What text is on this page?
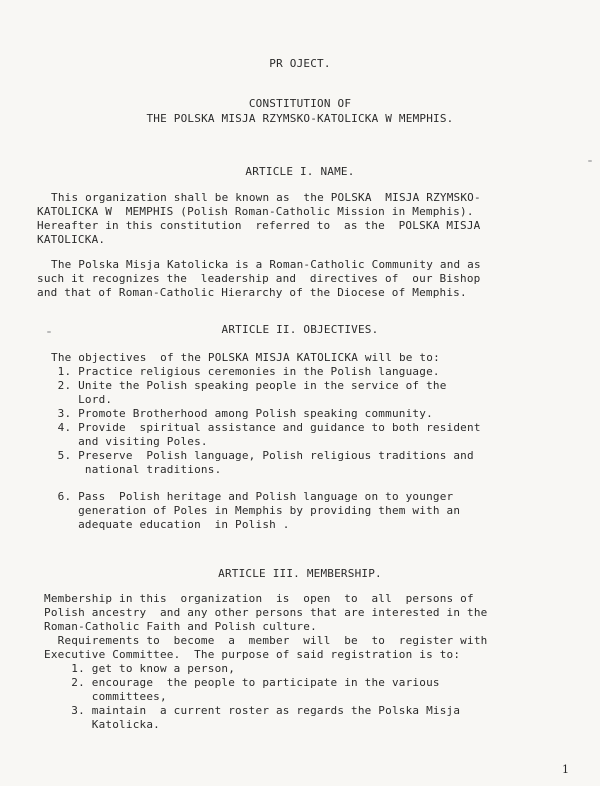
PR OJECT.
CONSTITUTION OF
THE POLSKA MISJA RZYMSKO-KATOLICKA W MEMPHIS.
ARTICLE I. NAME.
This organization shall be known as  the POLSKA  MISJA RZYMSKO-
KATOLICKA W  MEMPHIS (Polish Roman-Catholic Mission in Memphis).
Hereafter in this constitution  referred to  as the  POLSKA MISJA
KATOLICKA.
The Polska Misja Katolicka is a Roman-Catholic Community and as
such it recognizes the  leadership and  directives of  our Bishop
and that of Roman-Catholic Hierarchy of the Diocese of Memphis.
ARTICLE II. OBJECTIVES.
The objectives  of the POLSKA MISJA KATOLICKA will be to:
1. Practice religious ceremonies in the Polish language.
2. Unite the Polish speaking people in the service of the
Lord.
3. Promote Brotherhood among Polish speaking community.
4. Provide  spiritual assistance and guidance to both resident
and visiting Poles.
5. Preserve  Polish language, Polish religious traditions and
national traditions.
6. Pass  Polish heritage and Polish language on to younger
generation of Poles in Memphis by providing them with an
adequate education  in Polish .
ARTICLE III. MEMBERSHIP.
Membership in this  organization  is  open  to  all  persons of
Polish ancestry  and any other persons that are interested in the
Roman-Catholic Faith and Polish culture.
Requirements to  become  a  member  will  be  to  register with
Executive Committee.  The purpose of said registration is to:
1. get to know a person,
2. encourage  the people to participate in the various
committees,
3. maintain  a current roster as regards the Polska Misja
Katolicka.
1
